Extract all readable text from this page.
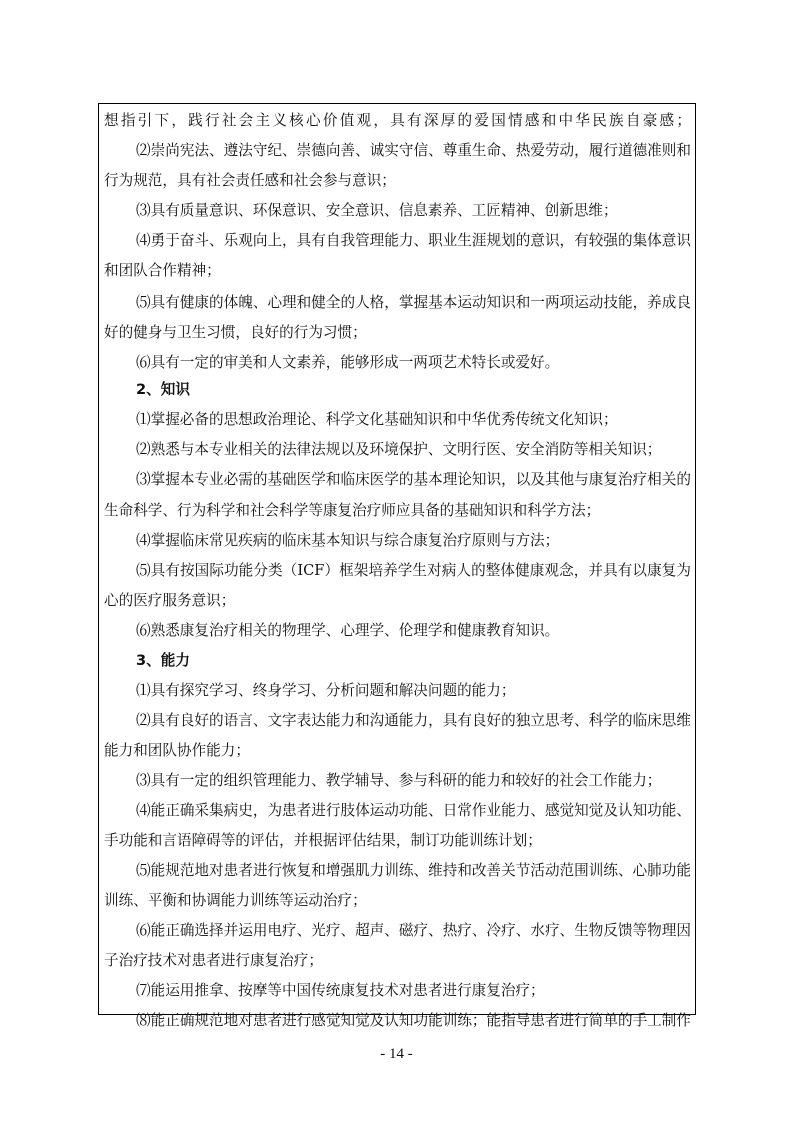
想指引下，践行社会主义核心价值观，具有深厚的爱国情感和中华民族自豪感；
⑵崇尚宪法、遵法守纪、崇德向善、诚实守信、尊重生命、热爱劳动，履行道德准则和
行为规范，具有社会责任感和社会参与意识；
⑶具有质量意识、环保意识、安全意识、信息素养、工匠精神、创新思维；
⑷勇于奋斗、乐观向上，具有自我管理能力、职业生涯规划的意识，有较强的集体意识
和团队合作精神；
⑸具有健康的体魄、心理和健全的人格，掌握基本运动知识和一两项运动技能，养成良
好的健身与卫生习惯，良好的行为习惯；
⑹具有一定的审美和人文素养，能够形成一两项艺术特长或爱好。
2、知识
⑴掌握必备的思想政治理论、科学文化基础知识和中华优秀传统文化知识；
⑵熟悉与本专业相关的法律法规以及环境保护、文明行医、安全消防等相关知识；
⑶掌握本专业必需的基础医学和临床医学的基本理论知识，以及其他与康复治疗相关的
生命科学、行为科学和社会科学等康复治疗师应具备的基础知识和科学方法；
⑷掌握临床常见疾病的临床基本知识与综合康复治疗原则与方法；
⑸具有按国际功能分类（ICF）框架培养学生对病人的整体健康观念，并具有以康复为
心的医疗服务意识；
⑹熟悉康复治疗相关的物理学、心理学、伦理学和健康教育知识。
3、能力
⑴具有探究学习、终身学习、分析问题和解决问题的能力；
⑵具有良好的语言、文字表达能力和沟通能力，具有良好的独立思考、科学的临床思维
能力和团队协作能力；
⑶具有一定的组织管理能力、教学辅导、参与科研的能力和较好的社会工作能力；
⑷能正确采集病史，为患者进行肢体运动功能、日常作业能力、感觉知觉及认知功能、
手功能和言语障碍等的评估，并根据评估结果，制订功能训练计划；
⑸能规范地对患者进行恢复和增强肌力训练、维持和改善关节活动范围训练、心肺功能
训练、平衡和协调能力训练等运动治疗；
⑹能正确选择并运用电疗、光疗、超声、磁疗、热疗、冷疗、水疗、生物反馈等物理因
子治疗技术对患者进行康复治疗；
⑺能运用推拿、按摩等中国传统康复技术对患者进行康复治疗；
⑻能正确规范地对患者进行感觉知觉及认知功能训练；能指导患者进行简单的手工制作
- 14 -
